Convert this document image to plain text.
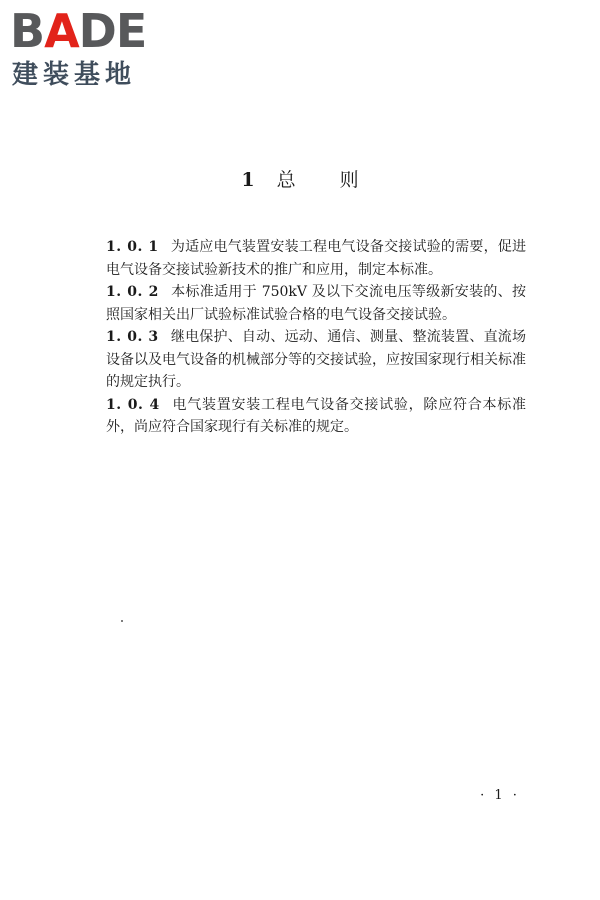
BADE
建装基地
1 总 则

1. 0. 1 为适应电气装置安装工程电气设备交接试验的需要，促进电气设备交接试验新技术的推广和应用，制定本标准。

1. 0. 2 本标准适用于 750kV 及以下交流电压等级新安装的、按照国家相关出厂试验标准试验合格的电气设备交接试验。

1. 0. 3 继电保护、自动、远动、通信、测量、整流装置、直流场设备以及电气设备的机械部分等的交接试验，应按国家现行相关标准的规定执行。

1. 0. 4 电气装置安装工程电气设备交接试验，除应符合本标准外，尚应符合国家现行有关标准的规定。

· 1 ·
